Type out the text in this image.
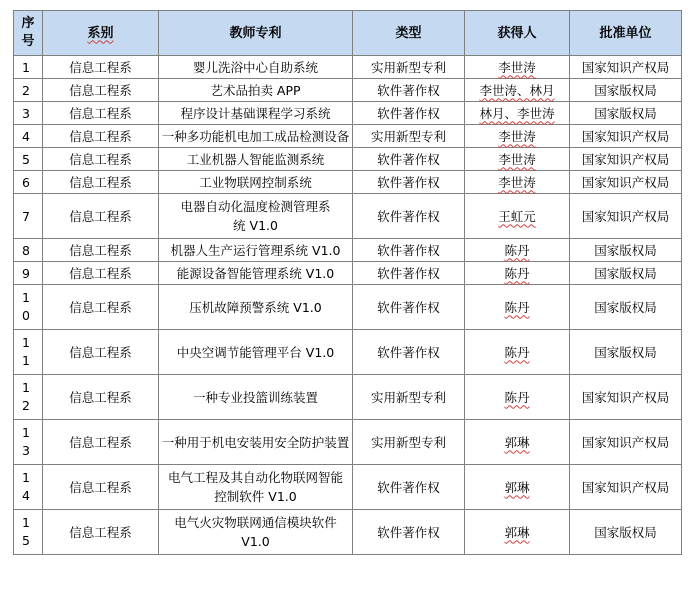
序号	系别	教师专利	类型	获得人	批准单位
1	信息工程系	婴儿洗浴中心自助系统	实用新型专利	李世涛	国家知识产权局
2	信息工程系	艺术品拍卖 APP	软件著作权	李世涛、林月	国家版权局
3	信息工程系	程序设计基础课程学习系统	软件著作权	林月、李世涛	国家版权局
4	信息工程系	一种多功能机电加工成品检测设备	实用新型专利	李世涛	国家知识产权局
5	信息工程系	工业机器人智能监测系统	软件著作权	李世涛	国家知识产权局
6	信息工程系	工业物联网控制系统	软件著作权	李世涛	国家知识产权局
7	信息工程系	电器自动化温度检测管理系统 V1.0	软件著作权	王虹元	国家知识产权局
8	信息工程系	机器人生产运行管理系统 V1.0	软件著作权	陈丹	国家版权局
9	信息工程系	能源设备智能管理系统 V1.0	软件著作权	陈丹	国家版权局
10	信息工程系	压机故障预警系统 V1.0	软件著作权	陈丹	国家版权局
11	信息工程系	中央空调节能管理平台 V1.0	软件著作权	陈丹	国家版权局
12	信息工程系	一种专业投篮训练装置	实用新型专利	陈丹	国家知识产权局
13	信息工程系	一种用于机电安装用安全防护装置	实用新型专利	郭琳	国家知识产权局
14	信息工程系	电气工程及其自动化物联网智能控制软件 V1.0	软件著作权	郭琳	国家知识产权局
15	信息工程系	电气火灾物联网通信模块软件 V1.0	软件著作权	郭琳	国家版权局
